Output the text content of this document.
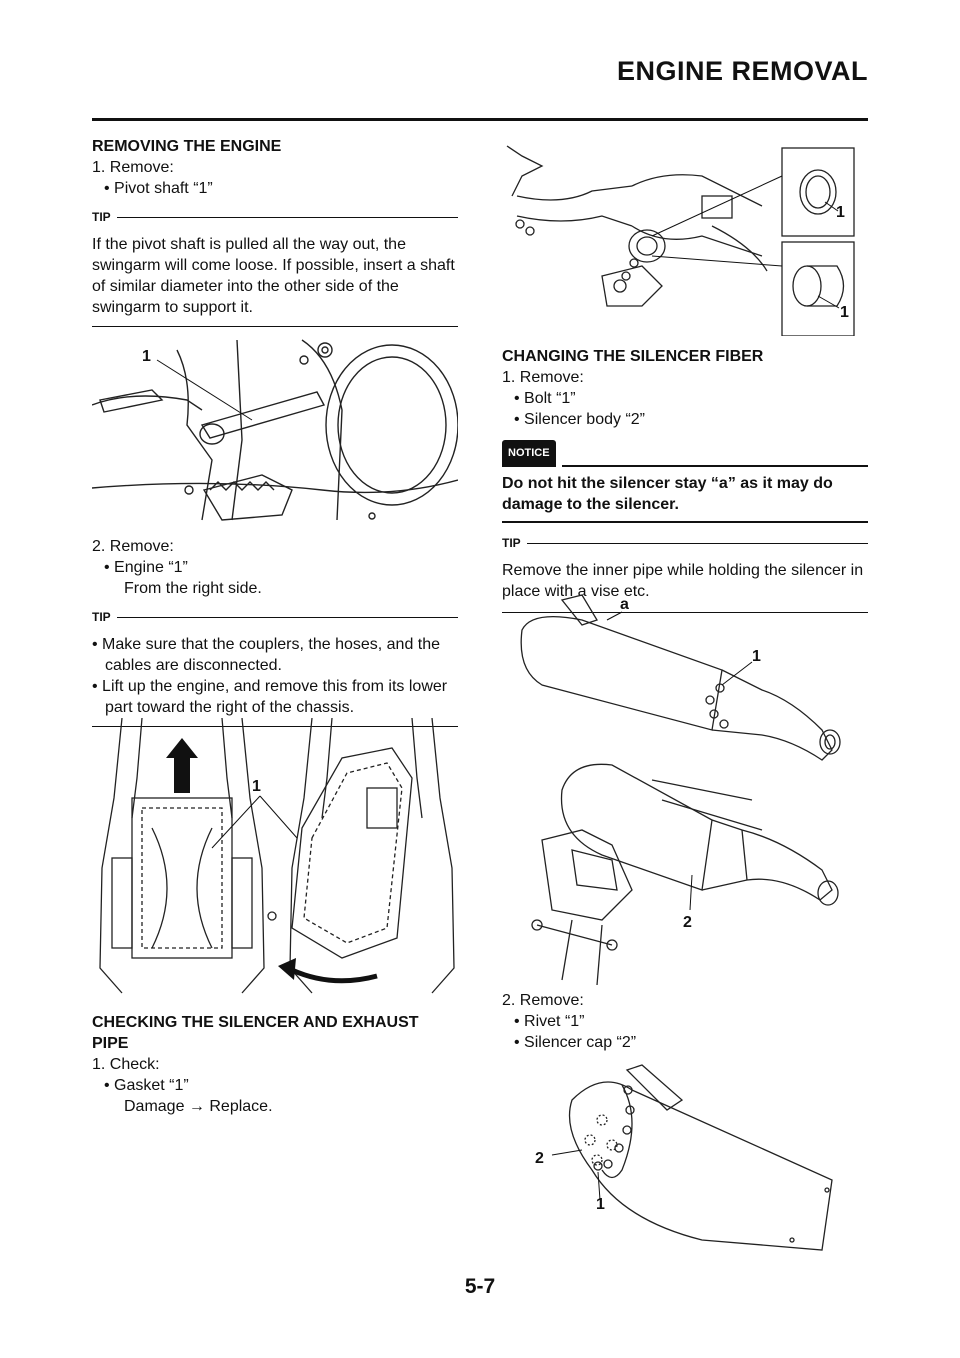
ENGINE REMOVAL
REMOVING THE ENGINE
1. Remove:
• Pivot shaft “1”
TIP
If the pivot shaft is pulled all the way out, the swingarm will come loose. If possible, insert a shaft of similar diameter into the other side of the swingarm to support it.
1
2. Remove:
• Engine “1”
From the right side.
TIP
• Make sure that the couplers, the hoses, and the cables are disconnected.
• Lift up the engine, and remove this from its lower part toward the right of the chassis.
1
CHECKING THE SILENCER AND EXHAUST PIPE
1. Check:
• Gasket “1”
Damage → Replace.
1
1
CHANGING THE SILENCER FIBER
1. Remove:
• Bolt “1”
• Silencer body “2”
NOTICE
Do not hit the silencer stay “a” as it may do damage to the silencer.
TIP
Remove the inner pipe while holding the silencer in place with a vise etc.
a
1
2
2. Remove:
• Rivet “1”
• Silencer cap “2”
2
1
5-7
